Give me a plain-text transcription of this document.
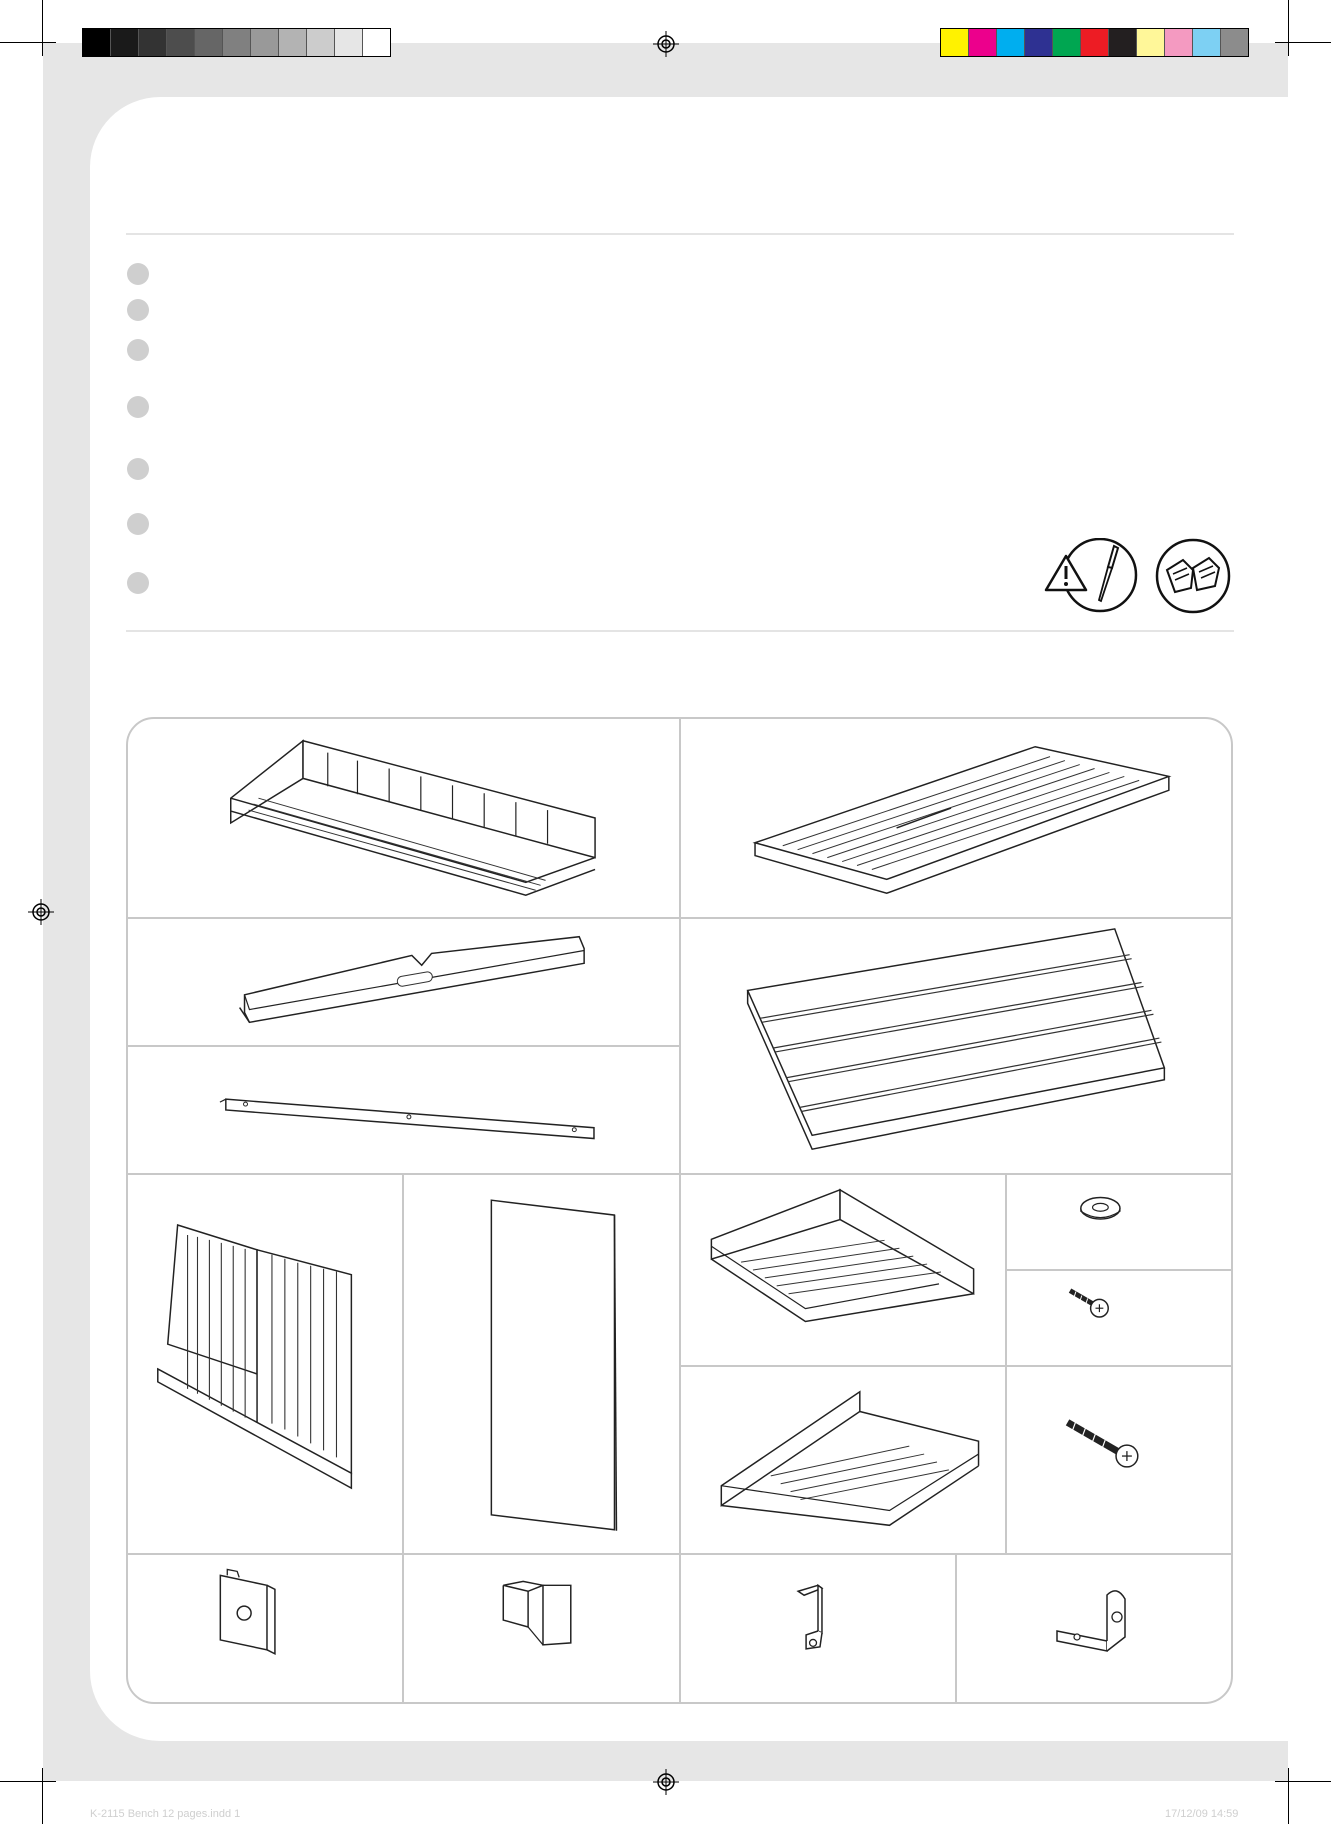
K-2115 Bench 12 pages.indd 1	17/12/09 14:59
